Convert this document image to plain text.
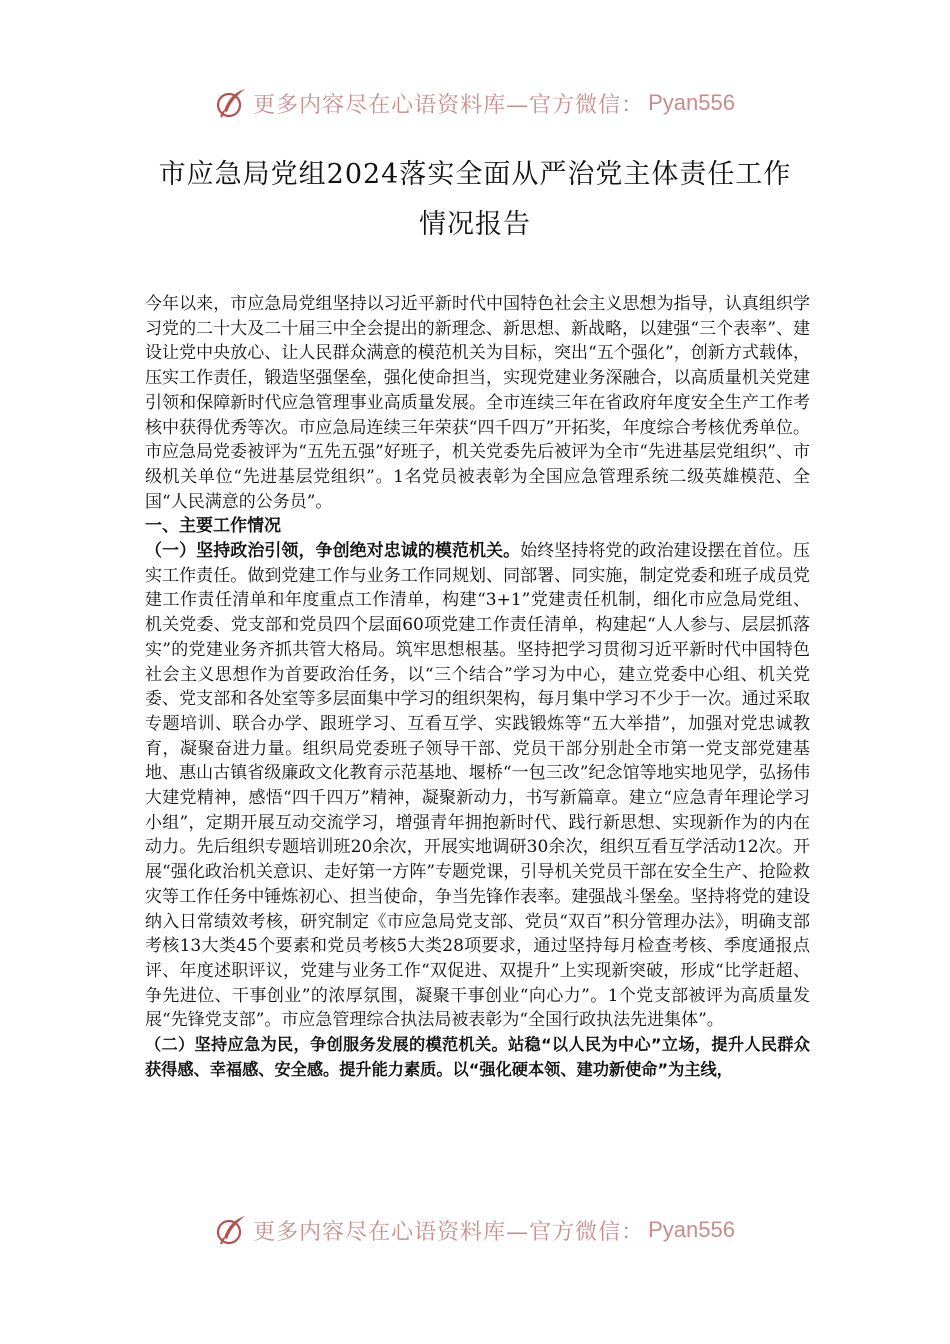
更多内容尽在心语资料库—官方微信： Pyan556
市应急局党组2024落实全面从严治党主体责任工作
情况报告

今年以来，市应急局党组坚持以习近平新时代中国特色社会主义思想为指导，认真组织学习党的二十大及二十届三中全会提出的新理念、新思想、新战略，以建强“三个表率”、建设让党中央放心、让人民群众满意的模范机关为目标，突出“五个强化”，创新方式载体，压实工作责任，锻造坚强堡垒，强化使命担当，实现党建业务深融合，以高质量机关党建引领和保障新时代应急管理事业高质量发展。全市连续三年在省政府年度安全生产工作考核中获得优秀等次。市应急局连续三年荣获“四千四万”开拓奖，年度综合考核优秀单位。市应急局党委被评为“五先五强”好班子，机关党委先后被评为全市“先进基层党组织”、市级机关单位“先进基层党组织”。1名党员被表彰为全国应急管理系统二级英雄模范、全国“人民满意的公务员”。

一、主要工作情况

（一）坚持政治引领，争创绝对忠诚的模范机关。始终坚持将党的政治建设摆在首位。压实工作责任。做到党建工作与业务工作同规划、同部署、同实施，制定党委和班子成员党建工作责任清单和年度重点工作清单，构建“3+1”党建责任机制，细化市应急局党组、机关党委、党支部和党员四个层面60项党建工作责任清单，构建起“人人参与、层层抓落实”的党建业务齐抓共管大格局。筑牢思想根基。坚持把学习贯彻习近平新时代中国特色社会主义思想作为首要政治任务，以“三个结合”学习为中心，建立党委中心组、机关党委、党支部和各处室等多层面集中学习的组织架构，每月集中学习不少于一次。通过采取专题培训、联合办学、跟班学习、互看互学、实践锻炼等“五大举措”，加强对党忠诚教育，凝聚奋进力量。组织局党委班子领导干部、党员干部分别赴全市第一党支部党建基地、惠山古镇省级廉政文化教育示范基地、堰桥“一包三改”纪念馆等地实地见学，弘扬伟大建党精神，感悟“四千四万”精神，凝聚新动力，书写新篇章。建立“应急青年理论学习小组”，定期开展互动交流学习，增强青年拥抱新时代、践行新思想、实现新作为的内在动力。先后组织专题培训班20余次，开展实地调研30余次，组织互看互学活动12次。开展“强化政治机关意识、走好第一方阵”专题党课，引导机关党员干部在安全生产、抢险救灾等工作任务中锤炼初心、担当使命，争当先锋作表率。建强战斗堡垒。坚持将党的建设纳入日常绩效考核，研究制定《市应急局党支部、党员“双百”积分管理办法》，明确支部考核13大类45个要素和党员考核5大类28项要求，通过坚持每月检查考核、季度通报点评、年度述职评议，党建与业务工作“双促进、双提升”上实现新突破，形成“比学赶超、争先进位、干事创业”的浓厚氛围，凝聚干事创业“向心力”。1个党支部被评为高质量发展“先锋党支部”。市应急管理综合执法局被表彰为“全国行政执法先进集体”。

（二）坚持应急为民，争创服务发展的模范机关。站稳“以人民为中心”立场，提升人民群众获得感、幸福感、安全感。提升能力素质。以“强化硬本领、建功新使命”为主线，

更多内容尽在心语资料库—官方微信： Pyan556
